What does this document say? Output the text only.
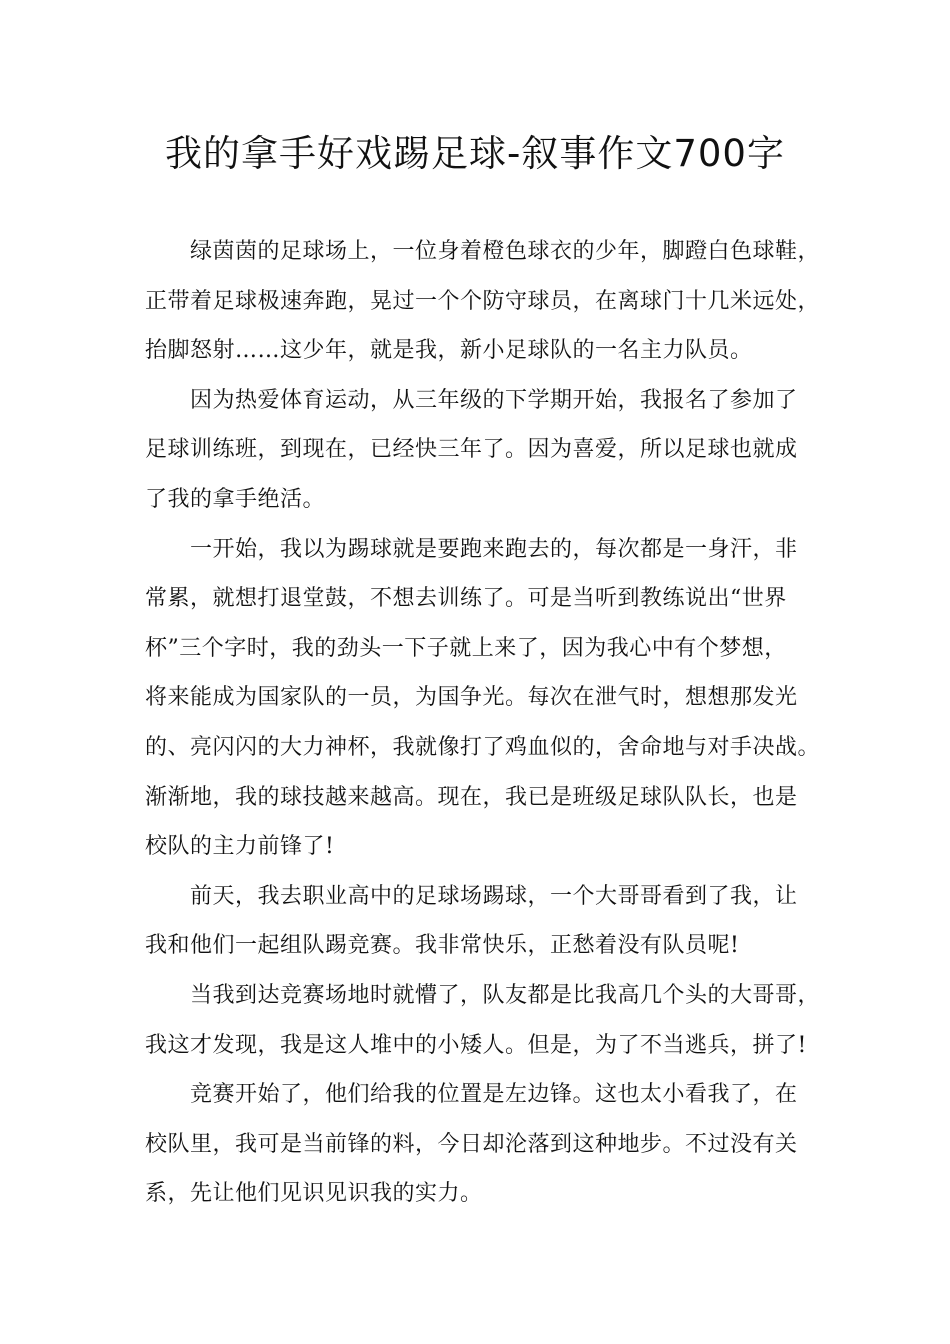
我的拿手好戏踢足球-叙事作文700字
绿茵茵的足球场上，一位身着橙色球衣的少年，脚蹬白色球鞋，
正带着足球极速奔跑，晃过一个个防守球员，在离球门十几米远处，
抬脚怒射……这少年，就是我，新小足球队的一名主力队员。
因为热爱体育运动，从三年级的下学期开始，我报名了参加了
足球训练班，到现在，已经快三年了。因为喜爱，所以足球也就成
了我的拿手绝活。
一开始，我以为踢球就是要跑来跑去的，每次都是一身汗，非
常累，就想打退堂鼓，不想去训练了。可是当听到教练说出“世界
杯”三个字时，我的劲头一下子就上来了，因为我心中有个梦想，
将来能成为国家队的一员，为国争光。每次在泄气时，想想那发光
的、亮闪闪的大力神杯，我就像打了鸡血似的，舍命地与对手决战。
渐渐地，我的球技越来越高。现在，我已是班级足球队队长，也是
校队的主力前锋了!
前天，我去职业高中的足球场踢球，一个大哥哥看到了我，让
我和他们一起组队踢竞赛。我非常快乐，正愁着没有队员呢!
当我到达竞赛场地时就懵了，队友都是比我高几个头的大哥哥，
我这才发现，我是这人堆中的小矮人。但是，为了不当逃兵，拼了!
竞赛开始了，他们给我的位置是左边锋。这也太小看我了，在
校队里，我可是当前锋的料，今日却沦落到这种地步。不过没有关
系，先让他们见识见识我的实力。
